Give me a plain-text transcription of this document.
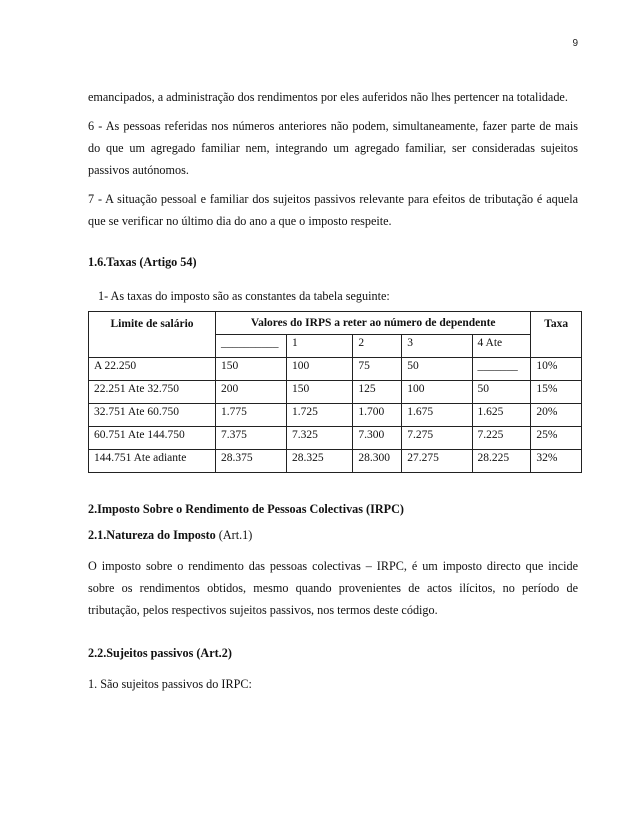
9

emancipados, a administração dos rendimentos por eles auferidos não lhes pertencer na totalidade.

6 - As pessoas referidas nos números anteriores não podem, simultaneamente, fazer parte de mais do que um agregado familiar nem, integrando um agregado familiar, ser consideradas sujeitos passivos autónomos.

7 - A situação pessoal e familiar dos sujeitos passivos relevante para efeitos de tributação é aquela que se verificar no último dia do ano a que o imposto respeite.

1.6.Taxas (Artigo 54)

1- As taxas do imposto são as constantes da tabela seguinte:

Limite de salário	Valores do IRPS a reter ao número de dependente					Taxa
	__________	1	2	3	4 Ate	
A 22.250	150	100	75	50	_______	10%
22.251 Ate 32.750	200	150	125	100	50	15%
32.751 Ate 60.750	1.775	1.725	1.700	1.675	1.625	20%
60.751 Ate 144.750	7.375	7.325	7.300	7.275	7.225	25%
144.751 Ate adiante	28.375	28.325	28.300	27.275	28.225	32%

2.Imposto Sobre o Rendimento de Pessoas Colectivas (IRPC)

2.1.Natureza do Imposto (Art.1)

O imposto sobre o rendimento das pessoas colectivas – IRPC, é um imposto directo que incide sobre os rendimentos obtidos, mesmo quando provenientes de actos ilícitos, no período de tributação, pelos respectivos sujeitos passivos, nos termos deste código.

2.2.Sujeitos passivos (Art.2)

1. São sujeitos passivos do IRPC:
